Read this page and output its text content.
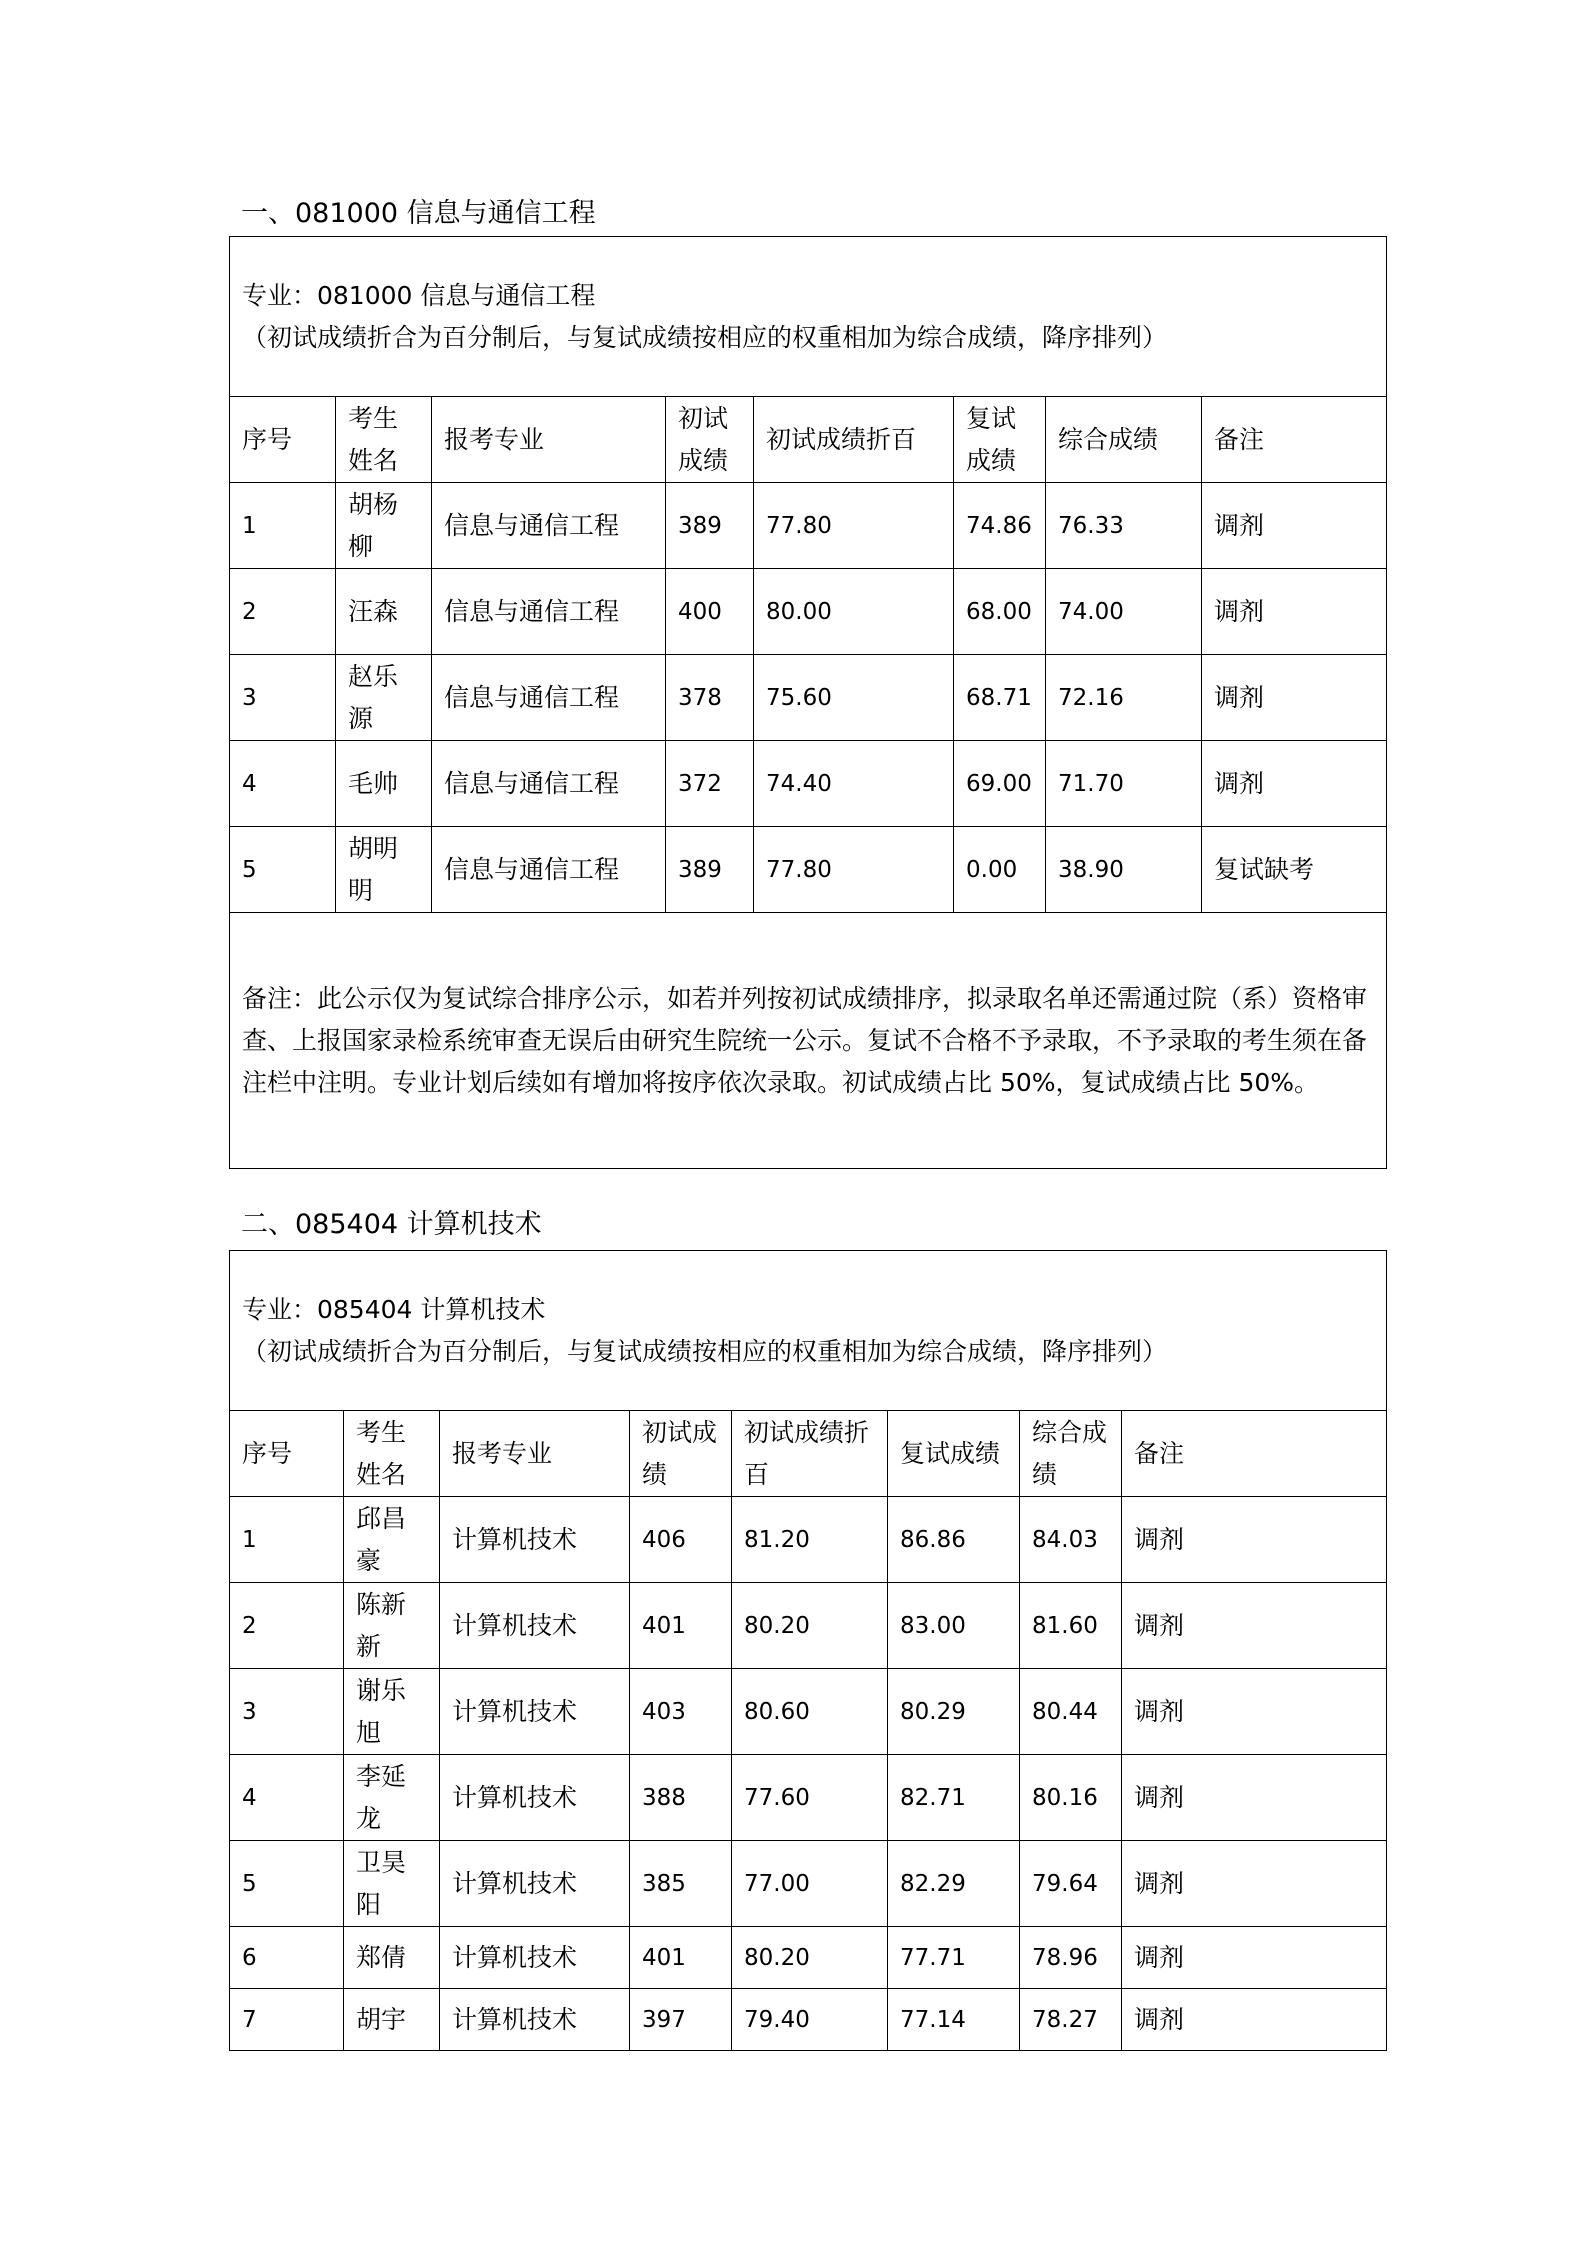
一、081000 信息与通信工程
专业：081000 信息与通信工程
（初试成绩折合为百分制后，与复试成绩按相应的权重相加为综合成绩，降序排列）							

序号	考生姓名	报考专业	初试成绩	初试成绩折百	复试成绩	综合成绩	备注
1	胡杨柳	信息与通信工程	389	77.80	74.86	76.33	调剂
2	汪森	信息与通信工程	400	80.00	68.00	74.00	调剂
3	赵乐源	信息与通信工程	378	75.60	68.71	72.16	调剂
4	毛帅	信息与通信工程	372	74.40	69.00	71.70	调剂
5	胡明明	信息与通信工程	389	77.80	0.00	38.90	复试缺考
备注：此公示仅为复试综合排序公示，如若并列按初试成绩排序，拟录取名单还需通过院（系）资格审查、上报国家录检系统审查无误后由研究生院统一公示。复试不合格不予录取，不予录取的考生须在备注栏中注明。专业计划后续如有增加将按序依次录取。初试成绩占比 50%，复试成绩占比 50%。							
二、085404 计算机技术
专业：085404 计算机技术
（初试成绩折合为百分制后，与复试成绩按相应的权重相加为综合成绩，降序排列）							

序号	考生姓名	报考专业	初试成绩	初试成绩折百	复试成绩	综合成绩	备注
1	邱昌豪	计算机技术	406	81.20	86.86	84.03	调剂
2	陈新新	计算机技术	401	80.20	83.00	81.60	调剂
3	谢乐旭	计算机技术	403	80.60	80.29	80.44	调剂
4	李延龙	计算机技术	388	77.60	82.71	80.16	调剂
5	卫昊阳	计算机技术	385	77.00	82.29	79.64	调剂
6	郑倩	计算机技术	401	80.20	77.71	78.96	调剂
7	胡宇	计算机技术	397	79.40	77.14	78.27	调剂
